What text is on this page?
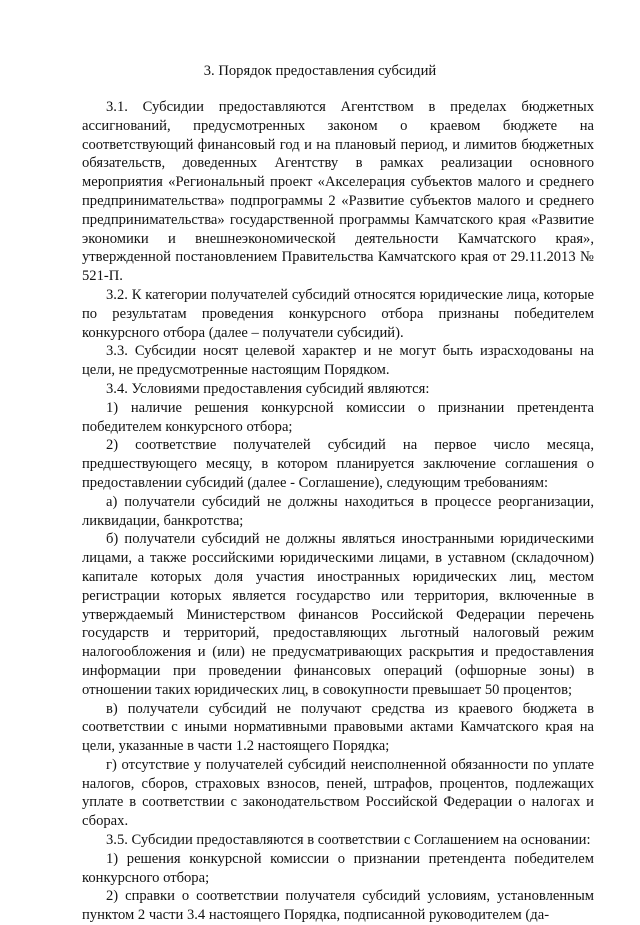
3. Порядок предоставления субсидий

3.1. Субсидии предоставляются Агентством в пределах бюджетных ассигнований, предусмотренных законом о краевом бюджете на соответствующий финансовый год и на плановый период, и лимитов бюджетных обязательств, доведенных Агентству в рамках реализации основного мероприятия «Региональный проект «Акселерация субъектов малого и среднего предпринимательства» подпрограммы 2 «Развитие субъектов малого и среднего предпринимательства» государственной программы Камчатского края «Развитие экономики и внешнеэкономической деятельности Камчатского края», утвержденной постановлением Правительства Камчатского края от 29.11.2013 № 521-П.

3.2. К категории получателей субсидий относятся юридические лица, которые по результатам проведения конкурсного отбора признаны победителем конкурсного отбора (далее – получатели субсидий).

3.3. Субсидии носят целевой характер и не могут быть израсходованы на цели, не предусмотренные настоящим Порядком.

3.4. Условиями предоставления субсидий являются:

1) наличие решения конкурсной комиссии о признании претендента победителем конкурсного отбора;

2) соответствие получателей субсидий на первое число месяца, предшествующего месяцу, в котором планируется заключение соглашения о предоставлении субсидий (далее - Соглашение), следующим требованиям:

а) получатели субсидий не должны находиться в процессе реорганизации, ликвидации, банкротства;

б) получатели субсидий не должны являться иностранными юридическими лицами, а также российскими юридическими лицами, в уставном (складочном) капитале которых доля участия иностранных юридических лиц, местом регистрации которых является государство или территория, включенные в утверждаемый Министерством финансов Российской Федерации перечень государств и территорий, предоставляющих льготный налоговый режим налогообложения и (или) не предусматривающих раскрытия и предоставления информации при проведении финансовых операций (офшорные зоны) в отношении таких юридических лиц, в совокупности превышает 50 процентов;

в) получатели субсидий не получают средства из краевого бюджета в соответствии с иными нормативными правовыми актами Камчатского края на цели, указанные в части 1.2 настоящего Порядка;

г) отсутствие у получателей субсидий неисполненной обязанности по уплате налогов, сборов, страховых взносов, пеней, штрафов, процентов, подлежащих уплате в соответствии с законодательством Российской Федерации о налогах и сборах.

3.5. Субсидии предоставляются в соответствии с Соглашением на основании:

1) решения конкурсной комиссии о признании претендента победителем конкурсного отбора;

2) справки о соответствии получателя субсидий условиям, установленным пунктом 2 части 3.4 настоящего Порядка, подписанной руководителем (да-
